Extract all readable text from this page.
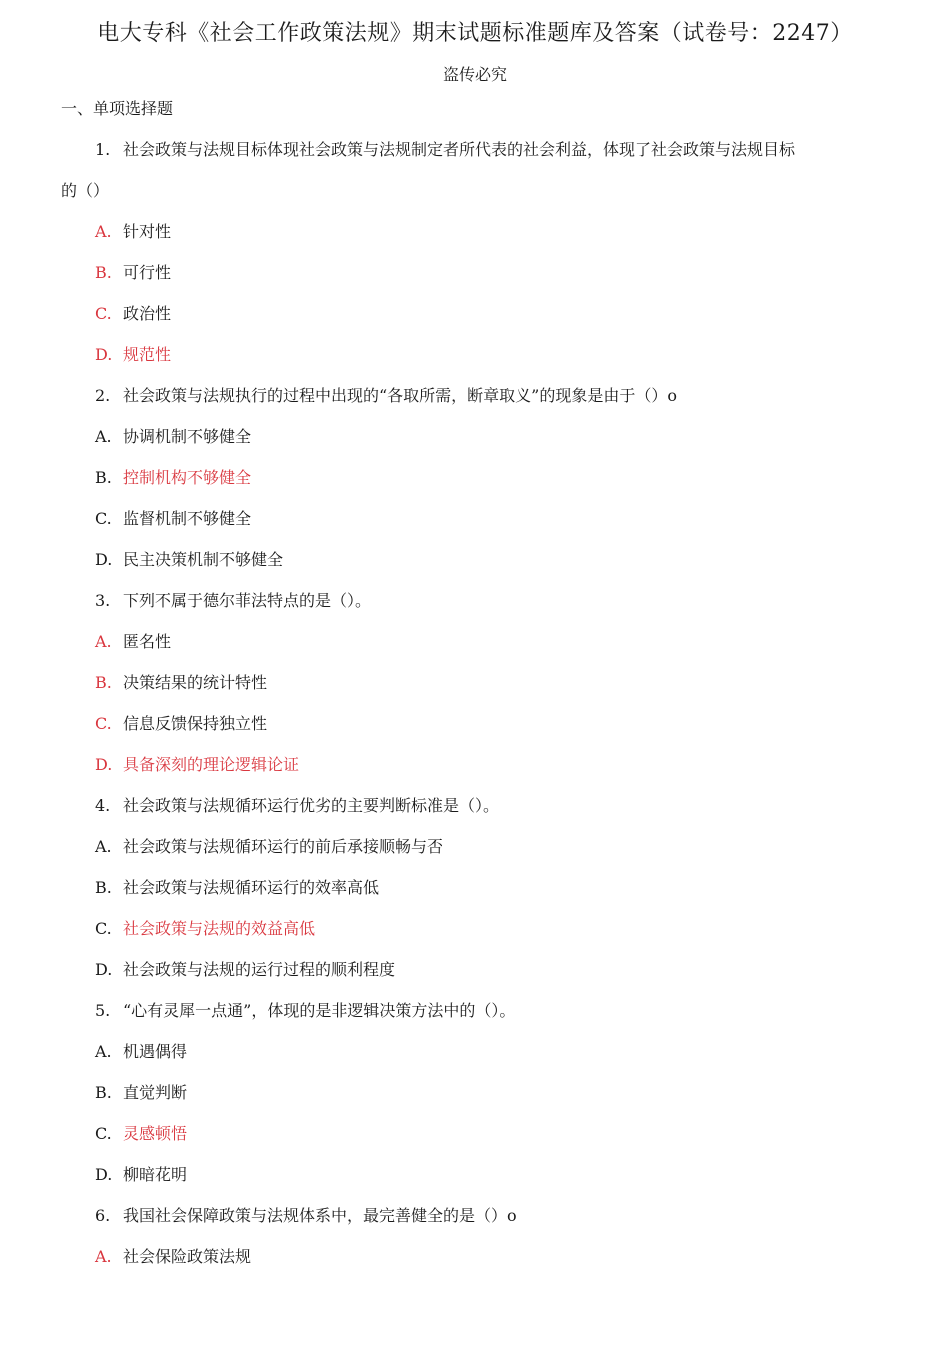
电大专科《社会工作政策法规》期末试题标准题库及答案（试卷号：2247）
盗传必究
一、单项选择题
1. 社会政策与法规目标体现社会政策与法规制定者所代表的社会利益，体现了社会政策与法规目标
的（）
A. 针对性
B. 可行性
C. 政治性
D. 规范性
2. 社会政策与法规执行的过程中出现的“各取所需，断章取义”的现象是由于（）o
A. 协调机制不够健全
B. 控制机构不够健全
C. 监督机制不够健全
D. 民主决策机制不够健全
3. 下列不属于德尔菲法特点的是（）。
A. 匿名性
B. 决策结果的统计特性
C. 信息反馈保持独立性
D. 具备深刻的理论逻辑论证
4. 社会政策与法规循环运行优劣的主要判断标准是（）。
A. 社会政策与法规循环运行的前后承接顺畅与否
B. 社会政策与法规循环运行的效率高低
C. 社会政策与法规的效益高低
D. 社会政策与法规的运行过程的顺利程度
5. “心有灵犀一点通”，体现的是非逻辑决策方法中的（）。
A. 机遇偶得
B. 直觉判断
C. 灵感顿悟
D. 柳暗花明
6. 我国社会保障政策与法规体系中，最完善健全的是（）o
A. 社会保险政策法规
